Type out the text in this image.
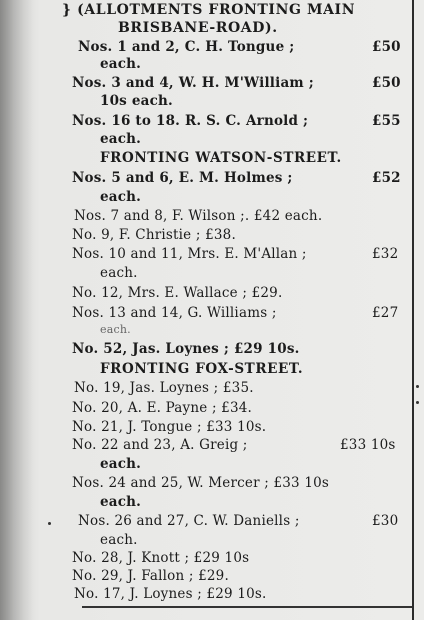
} (ALLOTMENTS FRONTING MAIN
BRISBANE-ROAD).
Nos. 1 and 2, C. H. Tongue ;	£50
each.
Nos. 3 and 4, W. H. M'William ;	£50
10s each.
Nos. 16 to 18. R. S. C. Arnold ;	£55
each.
FRONTING WATSON-STREET.
Nos. 5 and 6, E. M. Holmes ;	£52
each.
Nos. 7 and 8, F. Wilson ;. £42 each.
No. 9, F. Christie ; £38.
Nos. 10 and 11, Mrs. E. M'Allan ;	£32
each.
No. 12, Mrs. E. Wallace ; £29.
Nos. 13 and 14, G. Williams ;	£27
each.
No. 52, Jas. Loynes ; £29 10s.
FRONTING FOX-STREET.
No. 19, Jas. Loynes ; £35.
No. 20, A. E. Payne ; £34.
No. 21, J. Tongue ; £33 10s.
No. 22 and 23, A. Greig ;	£33 10s
each.
Nos. 24 and 25, W. Mercer ; £33 10s
each.
Nos. 26 and 27, C. W. Daniells ;	£30
each.
No. 28, J. Knott ; £29 10s
No. 29, J. Fallon ; £29.
No. 17, J. Loynes ; £29 10s.
